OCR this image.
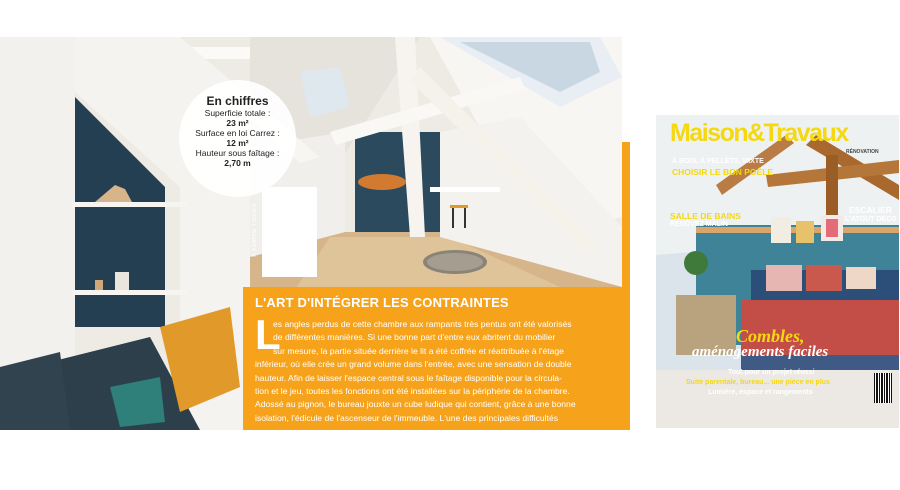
En chiffres
Superficie totale :
23 m²
Surface en loi Carrez :
12 m²
Hauteur sous faîtage :
2,70 m
© AGATHE TISSIER
L'ART D'INTÉGRER LES CONTRAINTES
L
es angles perdus de cette chambre aux rampants très pentus ont été valorisés
de différentes manières. Si une bonne part d'entre eux abritent du mobilier
sur mesure, la partie située derrière le lit a été coffrée et réattribuée à l'étage
inférieur, où elle crée un grand volume dans l'entrée, avec une sensation de double
hauteur. Afin de laisser l'espace central sous le faîtage disponible pour la circula-
tion et le jeu, toutes les fonctions ont été installées sur la périphérie de la chambre.
Adossé au pignon, le bureau jouxte un cube ludique qui contient, grâce à une bonne
isolation, l'édicule de l'ascenseur de l'immeuble. L'une des principales difficultés
Maison&Travaux
RÉNOVATION
À BOIS, À PELLETS, MIXTE
CHOISIR LE BON POÊLE
SALLE DE BAINS
RÉNOVEZ MALIN
ESCALIER
L'ATOUT DÉCO
Combles,
aménagements faciles
Tout pour un projet réussi
Suite parentale, bureau... une pièce en plus
Lumière, espace et rangements
